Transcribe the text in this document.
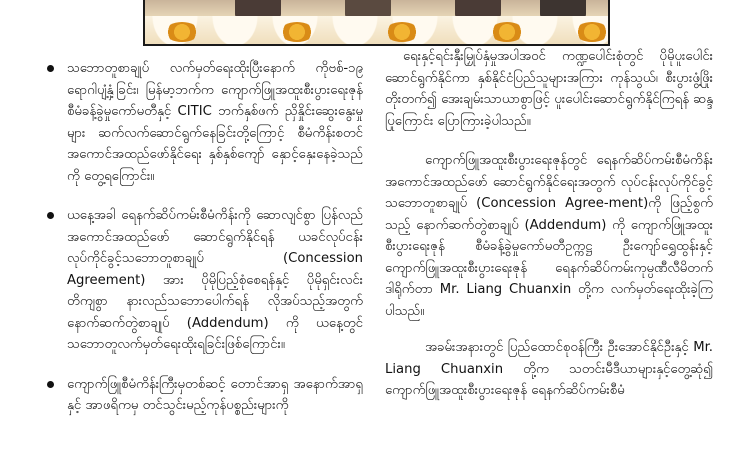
သဘောတူစာချုပ် လက်မှတ်ရေးထိုးပြီးနောက် ကိုဗစ်-၁၉ ရောဂါပျံ့နှံ့ခြင်း၊ မြန်မာ့ဘက်က ကျောက်ဖြူအထူးစီးပွားရေးဇုန် စီမံခန့်ခွဲမှုကော်မတီနှင့် CITIC ဘက်နှစ်ဖက် ညှိနှိုင်းဆွေးနွေးမှုများ ဆက်လက်ဆောင်ရွက်နေခြင်းတို့ကြောင့် စီမံကိန်းစတင်အကောင်အထည်ဖော်နိုင်ရေး နှစ်နှစ်ကျော် နှောင့်နှေးနေခဲ့သည်ကို တွေ့ရကြောင်း။

ယနေ့အခါ ရေနက်ဆိပ်ကမ်းစီမံကိန်းကို ဆောလျင်စွာ ပြန်လည်အကောင်အထည်ဖော် ဆောင်ရွက်နိုင်ရန် ယခင်လုပ်ငန်းလုပ်ကိုင်ခွင့်သဘောတူစာချုပ် (Concession Agreement) အား ပိုမိုပြည့်စုံစေရန်နှင့် ပိုမိုရှင်းလင်းတိကျစွာ နားလည်သဘောပေါက်ရန် လိုအပ်သည့်အတွက် နောက်ဆက်တွဲစာချုပ် (Addendum) ကို ယနေ့တွင် သဘောတူလက်မှတ်ရေးထိုးရခြင်းဖြစ်ကြောင်း။

ကျောက်ဖြူစီမံကိန်းကြီးမှတစ်ဆင့် တောင်အာရှ အနောက်အာရှနှင့် အာဖရိကမှ တင်သွင်းမည့်ကုန်ပစ္စည်းများကို

ရေးနှင့်ရင်းနှီးမြှုပ်နှံမှုအပါအဝင် ကဏ္ဍပေါင်းစုံတွင် ပိုမိုပူးပေါင်းဆောင်ရွက်နိုင်ကာ နှစ်နိုင်ငံပြည်သူများအကြား ကုန်သွယ်၊ စီးပွားဖွံ့ဖြိုးတိုးတက်၍ အေးချမ်းသာယာစွာဖြင့် ပူးပေါင်းဆောင်ရွက်နိုင်ကြရန် ဆန္ဒပြုကြောင်း ပြောကြားခဲ့ပါသည်။

ကျောက်ဖြူအထူးစီးပွားရေးဇုန်တွင် ရေနက်ဆိပ်ကမ်းစီမံကိန်း အကောင်အထည်ဖော် ဆောင်ရွက်နိုင်ရေးအတွက် လုပ်ငန်းလုပ်ကိုင်ခွင့်သဘောတူစာချုပ် (Concession Agree-ment)ကို ဖြည့်စွက်သည့် နောက်ဆက်တွဲစာချုပ် (Addendum) ကို ကျောက်ဖြူအထူးစီးပွားရေးဇုန် စီမံခန့်ခွဲမှုကော်မတီဥက္ကဋ္ဌ ဦးကျော်ရွှေထွန်းနှင့် ကျောက်ဖြူအထူးစီးပွားရေးဇုန် ရေနက်ဆိပ်ကမ်းကုမ္ပဏီလီမိတက် ဒါရိုက်တာ Mr. Liang Chuanxin တို့က လက်မှတ်ရေးထိုးခဲ့ကြပါသည်။

အခမ်းအနားတွင် ပြည်ထောင်စုဝန်ကြီး ဦးအောင်နိုင်ဦးနှင့် Mr. Liang Chuanxin တို့က သတင်းမီဒီယာများနှင့်တွေ့ဆုံ၍ ကျောက်ဖြူအထူးစီးပွားရေးဇုန် ရေနက်ဆိပ်ကမ်းစီမံ
